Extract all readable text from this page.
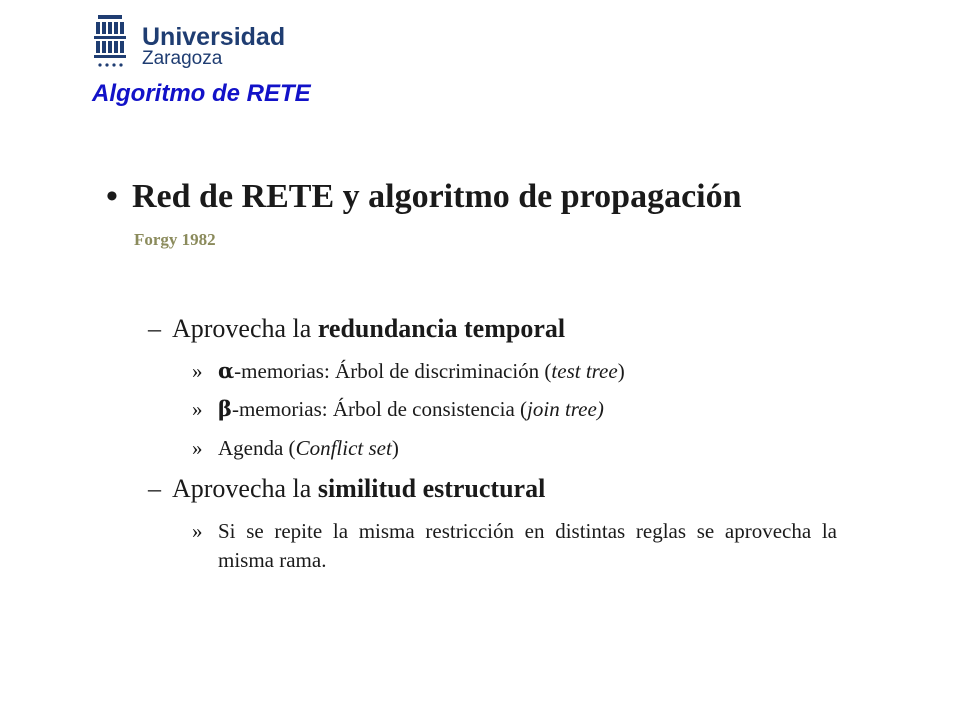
Universidad
Zaragoza
Algoritmo de RETE
• Red de RETE y algoritmo de propagación
Forgy 1982
– Aprovecha la redundancia temporal
» α-memorias: Árbol de discriminación (test tree)
» β-memorias: Árbol de consistencia (join tree)
» Agenda (Conflict set)
– Aprovecha la similitud estructural
» Si se repite la misma restricción en distintas reglas se aprovecha la misma rama.
